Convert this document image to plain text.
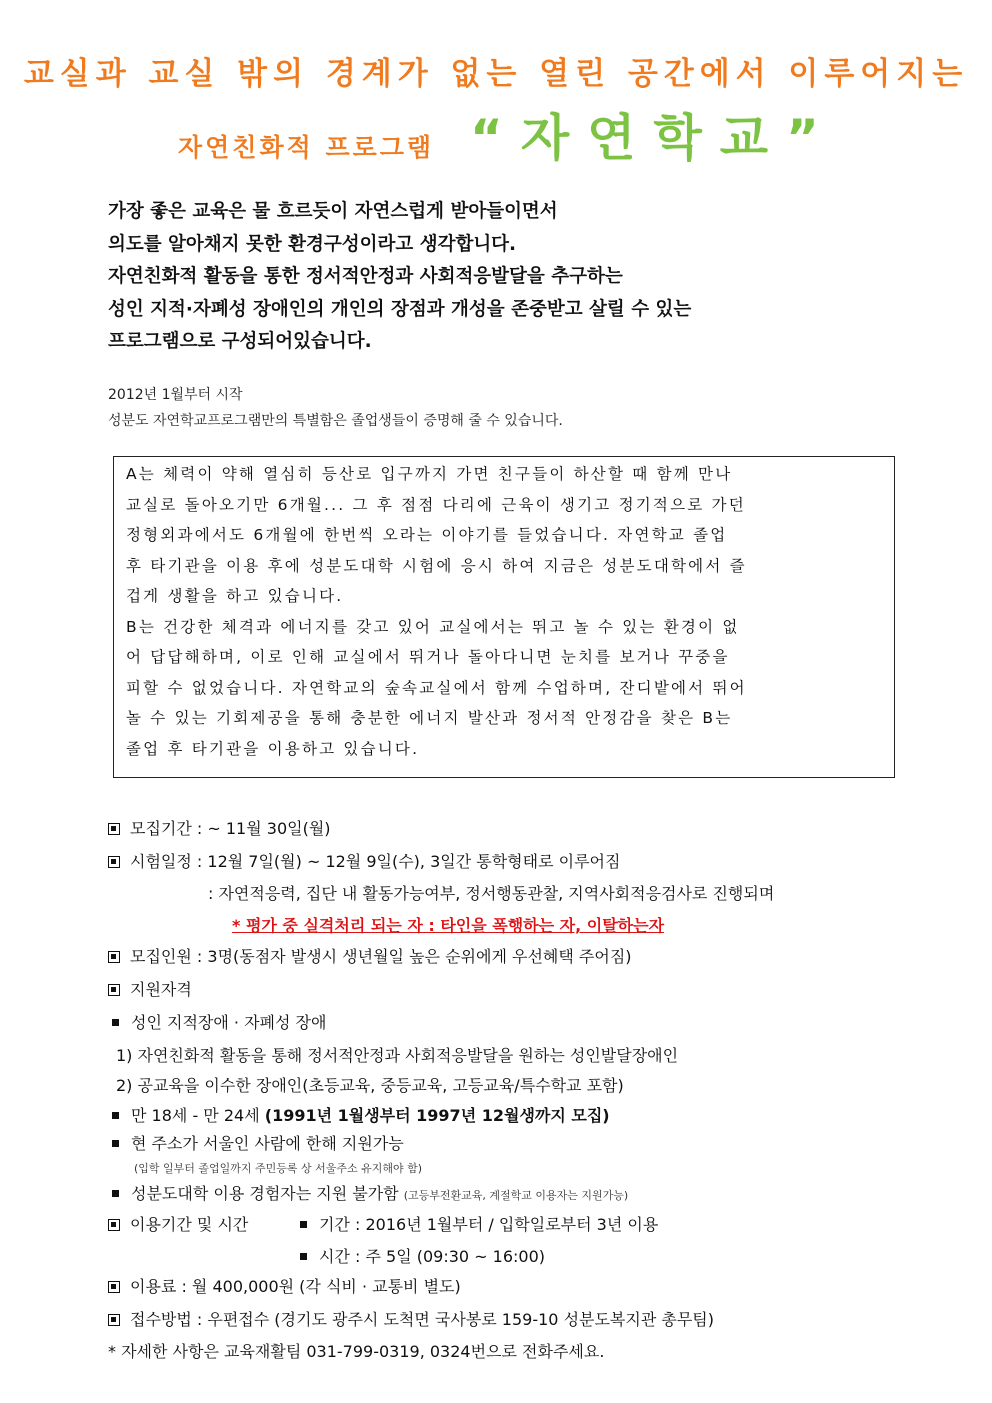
교실과 교실 밖의 경계가 없는 열린 공간에서 이루어지는
자연친화적 프로그램 “자연학교”
가장 좋은 교육은 물 흐르듯이 자연스럽게 받아들이면서
의도를 알아채지 못한 환경구성이라고 생각합니다.
자연친화적 활동을 통한 정서적안정과 사회적응발달을 추구하는
성인 지적·자폐성 장애인의 개인의 장점과 개성을 존중받고 살릴 수 있는
프로그램으로 구성되어있습니다.
2012년 1월부터 시작
성분도 자연학교프로그램만의 특별함은 졸업생들이 증명해 줄 수 있습니다.
A는 체력이 약해 열심히 등산로 입구까지 가면 친구들이 하산할 때 함께 만나
교실로 돌아오기만 6개월... 그 후 점점 다리에 근육이 생기고 정기적으로 가던
정형외과에서도 6개월에 한번씩 오라는 이야기를 들었습니다. 자연학교 졸업
후 타기관을 이용 후에 성분도대학 시험에 응시 하여 지금은 성분도대학에서 즐
겁게 생활을 하고 있습니다.
B는 건강한 체격과 에너지를 갖고 있어 교실에서는 뛰고 놀 수 있는 환경이 없
어 답답해하며, 이로 인해 교실에서 뛰거나 돌아다니면 눈치를 보거나 꾸중을
피할 수 없었습니다. 자연학교의 숲속교실에서 함께 수업하며, 잔디밭에서 뛰어
놀 수 있는 기회제공을 통해 충분한 에너지 발산과 정서적 안정감을 찾은 B는
졸업 후 타기관을 이용하고 있습니다.
모집기간 : ~ 11월 30일(월)
시험일정 : 12월 7일(월) ~ 12월 9일(수), 3일간 통학형태로 이루어짐
: 자연적응력, 집단 내 활동가능여부, 정서행동관찰, 지역사회적응검사로 진행되며
* 평가 중 실격처리 되는 자 : 타인을 폭행하는 자, 이탈하는자
모집인원 : 3명(동점자 발생시 생년월일 높은 순위에게 우선혜택 주어짐)
지원자격
성인 지적장애 · 자폐성 장애
1) 자연친화적 활동을 통해 정서적안정과 사회적응발달을 원하는 성인발달장애인
2) 공교육을 이수한 장애인(초등교육, 중등교육, 고등교육/특수학교 포함)
만 18세 - 만 24세 (1991년 1월생부터 1997년 12월생까지 모집)
현 주소가 서울인 사람에 한해 지원가능
(입학 일부터 졸업일까지 주민등록 상 서울주소 유지해야 함)
성분도대학 이용 경험자는 지원 불가함 (고등부전환교육, 계절학교 이용자는 지원가능)
이용기간 및 시간	기간 : 2016년 1월부터 / 입학일로부터 3년 이용
시간 : 주 5일 (09:30 ~ 16:00)
이용료 : 월 400,000원 (각 식비 · 교통비 별도)
접수방법 : 우편접수 (경기도 광주시 도척면 국사봉로 159-10 성분도복지관 총무팀)
* 자세한 사항은 교육재활팀 031-799-0319, 0324번으로 전화주세요.
